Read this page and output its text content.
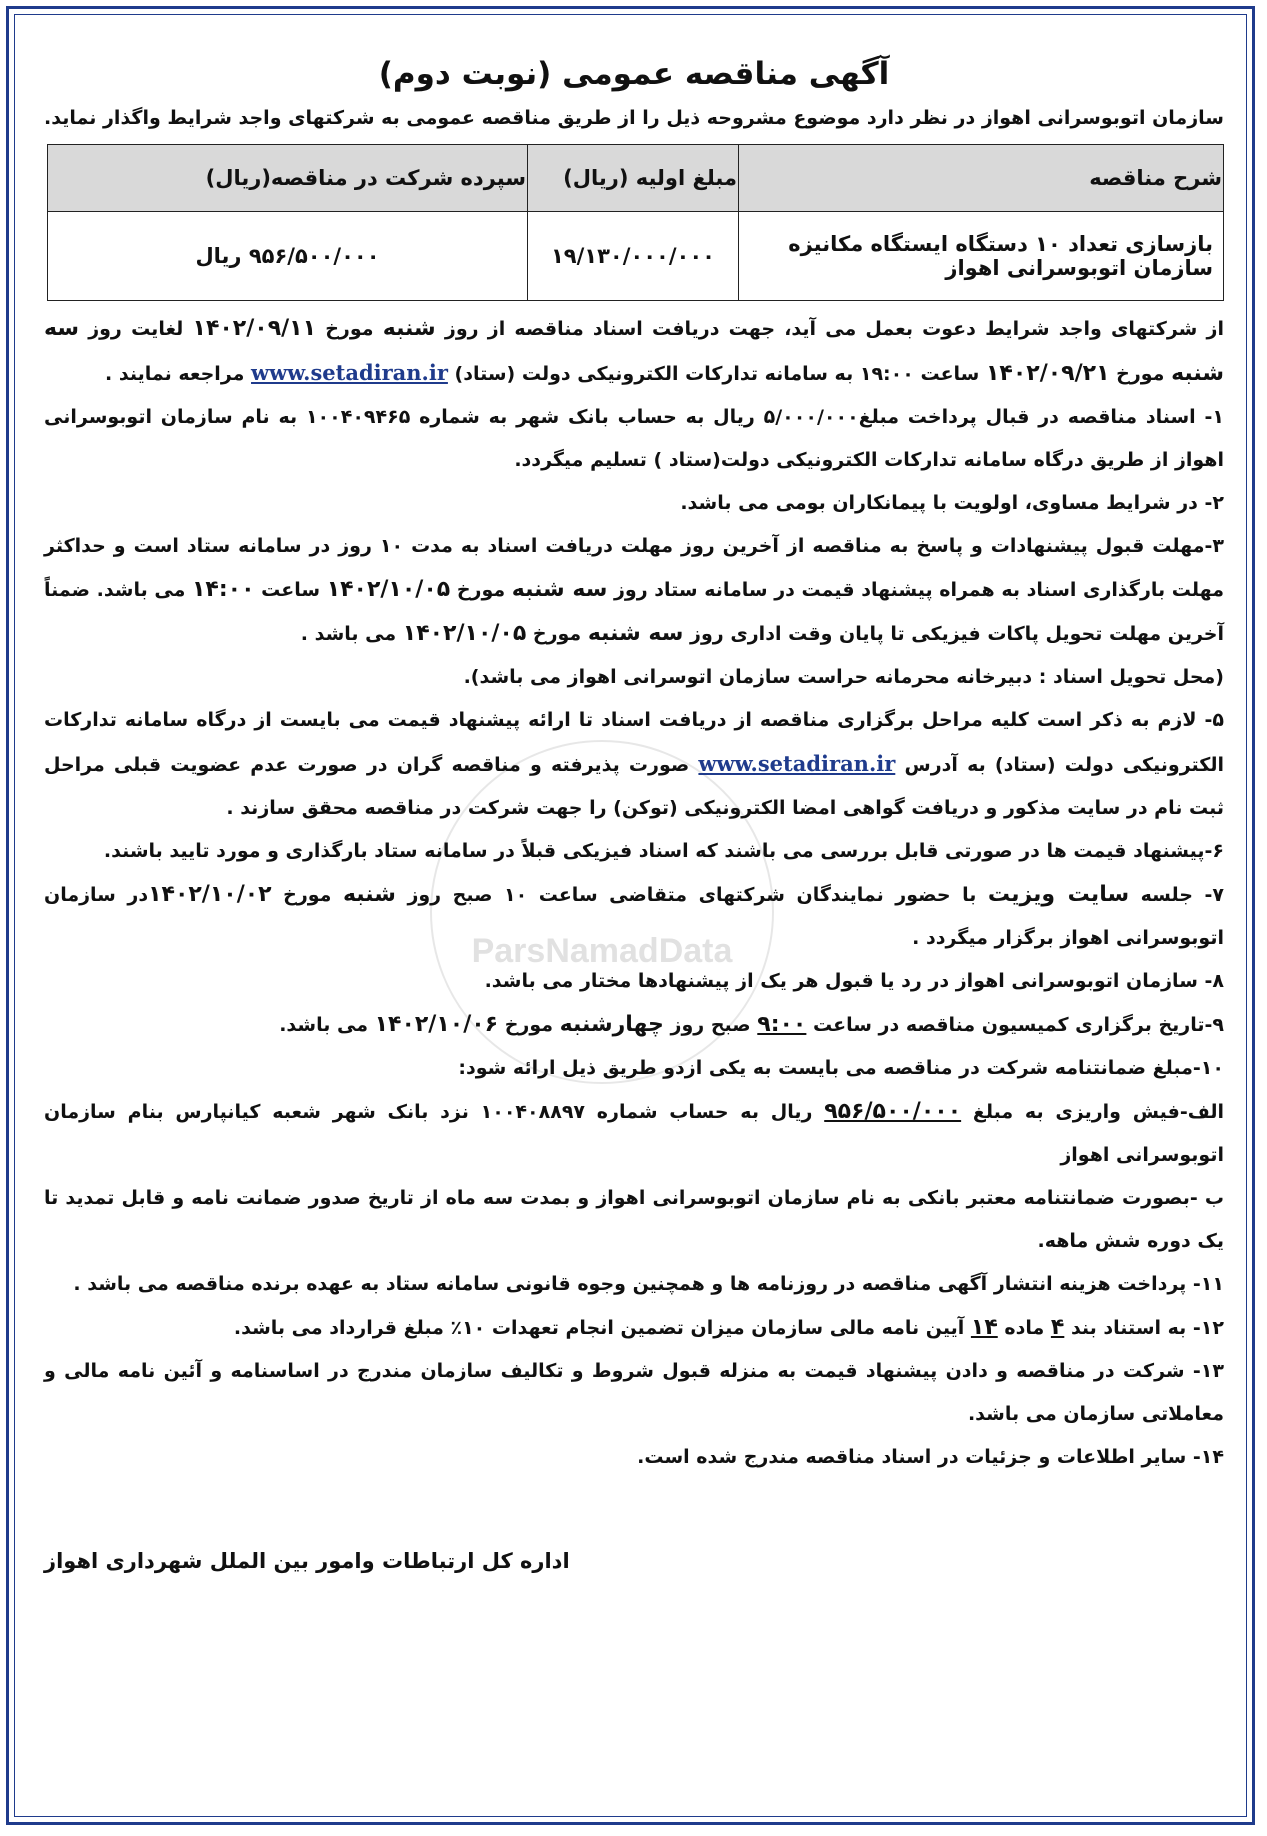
ParsNamadData
آگهی مناقصه عمومی (نوبت دوم)
سازمان اتوبوسرانی اهواز در نظر دارد موضوع مشروحه ذیل را از طریق مناقصه عمومی به شرکتهای واجد شرایط واگذار نماید.
شرح مناقصه	مبلغ اولیه (ریال)	سپرده شرکت در مناقصه(ریال)
بازسازی تعداد ۱۰ دستگاه ایستگاه مکانیزه سازمان اتوبوسرانی اهواز	۱۹/۱۳۰/۰۰۰/۰۰۰	۹۵۶/۵۰۰/۰۰۰ ریال

از شرکتهای واجد شرایط دعوت بعمل می آید، جهت دریافت اسناد مناقصه از روز شنبه مورخ ۱۴۰۲/۰۹/۱۱ لغایت روز سه شنبه مورخ ۱۴۰۲/۰۹/۲۱ ساعت ۱۹:۰۰ به سامانه تدارکات الکترونیکی دولت (ستاد) www.setadiran.ir مراجعه نمایند .

۱- اسناد مناقصه در قبال پرداخت مبلغ۵/۰۰۰/۰۰۰ ریال به حساب بانک شهر به شماره ۱۰۰۴۰۹۴۶۵ به نام سازمان اتوبوسرانی اهواز از طریق درگاه سامانه تدارکات الکترونیکی دولت(ستاد ) تسلیم میگردد.

۲- در شرایط مساوی، اولویت با پیمانکاران بومی می باشد.

۳-مهلت قبول پیشنهادات و پاسخ به مناقصه از آخرین روز مهلت دریافت اسناد به مدت ۱۰ روز در سامانه ستاد است و حداکثر مهلت بارگذاری اسناد به همراه پیشنهاد قیمت در سامانه ستاد روز سه شنبه مورخ ۱۴۰۲/۱۰/۰۵ ساعت ۱۴:۰۰ می باشد. ضمناً آخرین مهلت تحویل پاکات فیزیکی تا پایان وقت اداری روز سه شنبه مورخ ۱۴۰۲/۱۰/۰۵ می باشد .

(محل تحویل اسناد : دبیرخانه محرمانه حراست سازمان اتوسرانی اهواز می باشد).

۵- لازم به ذکر است کلیه مراحل برگزاری مناقصه از دریافت اسناد تا ارائه پیشنهاد قیمت می بایست از درگاه سامانه تدارکات الکترونیکی دولت (ستاد) به آدرس www.setadiran.ir صورت پذیرفته و مناقصه گران در صورت عدم عضویت قبلی مراحل ثبت نام در سایت مذکور و دریافت گواهی امضا الکترونیکی (توکن) را جهت شرکت در مناقصه محقق سازند .

۶-پیشنهاد قیمت ها در صورتی قابل بررسی می باشند که اسناد فیزیکی قبلاً در سامانه ستاد بارگذاری و مورد تایید باشند.

۷- جلسه سایت ویزیت با حضور نمایندگان شرکتهای متقاضی ساعت ۱۰ صبح روز شنبه مورخ ۱۴۰۲/۱۰/۰۲در سازمان اتوبوسرانی اهواز برگزار میگردد .

۸- سازمان اتوبوسرانی اهواز در رد یا قبول هر یک از پیشنهادها مختار می باشد.

۹-تاریخ برگزاری کمیسیون مناقصه در ساعت ۹:۰۰ صبح روز چهارشنبه مورخ ۱۴۰۲/۱۰/۰۶ می باشد.

۱۰-مبلغ ضمانتنامه شرکت در مناقصه می بایست به یکی ازدو طریق ذیل ارائه شود:

الف-فیش واریزی به مبلغ ۹۵۶/۵۰۰/۰۰۰ ریال به حساب شماره ۱۰۰۴۰۸۸۹۷ نزد بانک شهر شعبه کیانپارس بنام سازمان اتوبوسرانی اهواز

ب -بصورت ضمانتنامه معتبر بانکی به نام سازمان اتوبوسرانی اهواز و بمدت سه ماه از تاریخ صدور ضمانت نامه و قابل تمدید تا یک دوره شش ماهه.

۱۱- پرداخت هزینه انتشار آگهی مناقصه در روزنامه ها و همچنین وجوه قانونی سامانه ستاد به عهده برنده مناقصه می باشد .

۱۲- به استناد بند ۴ ماده ۱۴ آیین نامه مالی سازمان میزان تضمین انجام تعهدات ۱۰٪ مبلغ قرارداد می باشد.

۱۳- شرکت در مناقصه و دادن پیشنهاد قیمت به منزله قبول شروط و تکالیف سازمان مندرج در اساسنامه و آئین نامه مالی و معاملاتی سازمان می باشد.

۱۴- سایر اطلاعات و جزئیات در اسناد مناقصه مندرج شده است.

اداره کل ارتباطات وامور بین الملل شهرداری اهواز
